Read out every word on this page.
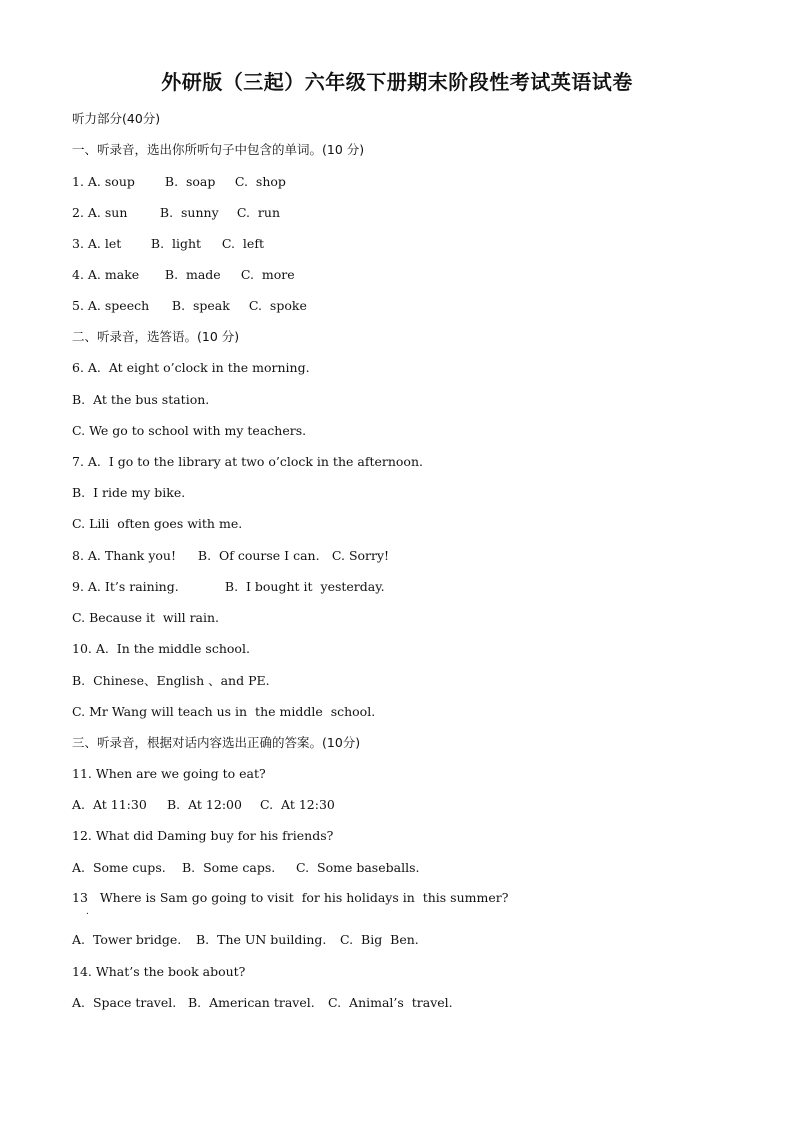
外研版（三起）六年级下册期末阶段性考试英语试卷
听力部分(40分)
一、听录音，选出你所听句子中包含的单词。(10 分)
1. A. soup B.  soap C.  shop
2. A. sun	B.  sunny C.  run
3. A. let B.  light C.  left
4. A. make B.  made C.  more
5. A. speech B.  speak C.  spoke
二、听录音，选答语。(10 分)
6. A.  At eight o’clock in the morning.
B.  At the bus station.
C. We go to school with my teachers.
7. A.  I go to the library at two o’clock in the afternoon.
B.  I ride my bike.
C. Lili  often goes with me.
8. A. Thank you! B.  Of course I can. C. Sorry!
9. A. It’s raining.	B.  I bought it  yesterday.
C. Because it  will rain.
10. A.  In the middle school.
B.  Chinese、English 、and PE.
C. Mr Wang will teach us in  the middle  school.
三、听录音，根据对话内容选出正确的答案。(10分)
11. When are we going to eat?
A.  At 11:30 B.  At 12:00 C.  At 12:30
12. What did Daming buy for his friends?
A.  Some cups. B.  Some caps. C.  Some baseballs.
13   Where is Sam go going to visit  for his holidays in  this summer?
.
A.  Tower bridge. B.  The UN building. C.  Big  Ben.
14. What’s the book about?
A.  Space travel. B.  American travel. C.  Animal’s  travel.
